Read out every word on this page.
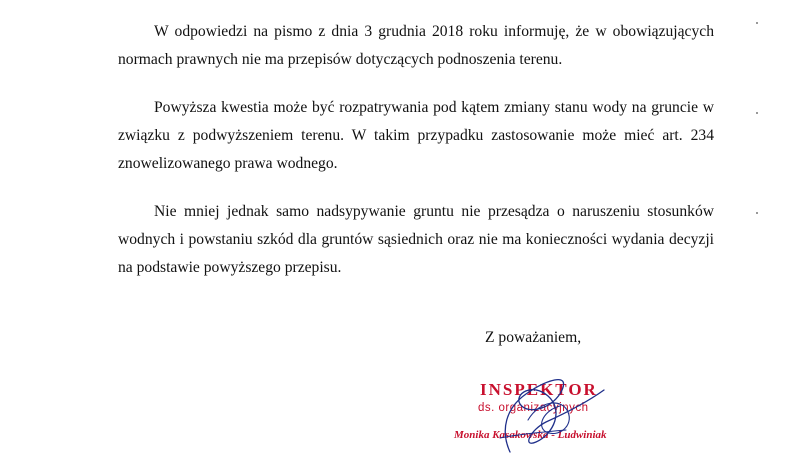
W odpowiedzi na pismo z dnia 3 grudnia 2018 roku informuję, że w obowiązujących normach prawnych nie ma przepisów dotyczących podnoszenia terenu.

Powyższa kwestia może być rozpatrywania pod kątem zmiany stanu wody na gruncie w związku z podwyższeniem terenu. W takim przypadku zastosowanie może mieć art. 234 znowelizowanego prawa wodnego.

Nie mniej jednak samo nadsypywanie gruntu nie przesądza o naruszeniu stosunków wodnych i powstaniu szkód dla gruntów sąsiednich oraz nie ma konieczności wydania decyzji na podstawie powyższego przepisu.

Z poważaniem,

INSPEKTOR
ds. organizacyjnych
Monika Kasakowska - Ludwiniak
